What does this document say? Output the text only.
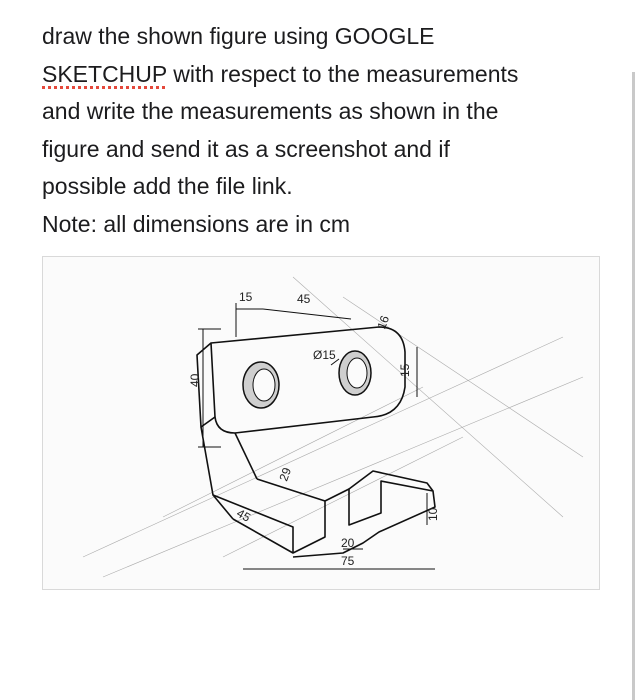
draw the shown figure using GOOGLE

SKETCHUP with respect to the measurements

and write the measurements as shown in the

figure and send it as a screenshot and if

possible add the file link.

Note: all dimensions are in cm

15	45
Ø15
16
15
40
29
45
20
75
10
